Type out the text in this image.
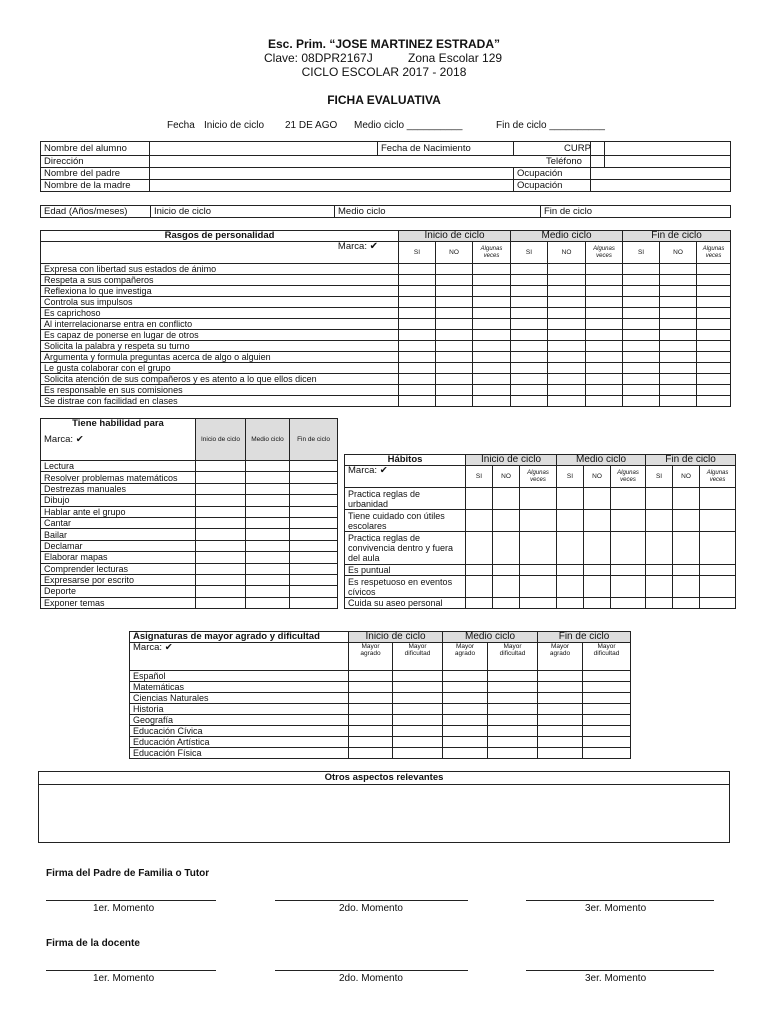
Esc. Prim. “JOSE MARTINEZ ESTRADA”
Clave: 08DPR2167J	Zona Escolar 129
CICLO ESCOLAR 2017 - 2018
FICHA EVALUATIVA
Fecha Inicio de ciclo 21 DE AGO Medio ciclo __________	Fin de ciclo __________
Nombre del alumno		Fecha de Nacimiento			CURP
Dirección					Teléfono
Nombre del padre			Ocupación		
Nombre de la madre			Ocupación		
Edad (Años/meses)	Inicio de ciclo	Medio ciclo	Fin de ciclo
Rasgos de personalidad	Inicio de ciclo			Medio ciclo			Fin de ciclo		
Marca: ✔	SI	NO	Algunas veces	SI	NO	Algunas veces	SI	NO	Algunas veces

Expresa con libertad sus estados de ánimo									
Respeta a sus compañeros									
Reflexiona lo que investiga									
Controla sus impulsos									
Es caprichoso									
Al interrelacionarse entra en conflicto									
Es capaz de ponerse en lugar de otros									
Solicita la palabra y respeta su turno									
Argumenta y formula preguntas acerca de algo o alguien									
Le gusta colaborar con el grupo									
Solicita atención de sus compañeros y es atento a lo que ellos dicen									
Es responsable en sus comisiones									
Se distrae con facilidad en clases									
Tiene habilidad para	Inicio de ciclo	Medio ciclo	Fin de ciclo

Marca: ✔			
Lectura			
Resolver problemas matemáticos			
Destrezas manuales			
Dibujo			
Hablar ante el grupo			
Cantar			
Bailar			
Declamar			
Elaborar mapas			
Comprender lecturas			
Expresarse por escrito			
Deporte			
Exponer temas			
Hábitos	Inicio de ciclo			Medio ciclo			Fin de ciclo		
Marca: ✔	SI	NO	Algunas veces	SI	NO	Algunas veces	SI	NO	Algunas veces

Practica reglas de urbanidad									
Tiene cuidado con útiles escolares									
Practica reglas de convivencia dentro y fuera del aula									
Es puntual									
Es respetuoso en eventos cívicos									
Cuida su aseo personal									
Asignaturas de mayor agrado y dificultad	Inicio de ciclo		Medio ciclo		Fin de ciclo	
Marca: ✔	Mayor agrado	Mayor dificultad	Mayor agrado	Mayor dificultad	Mayor agrado	Mayor dificultad

Español						
Matemáticas						
Ciencias Naturales						
Historia						
Geografía						
Educación Cívica						
Educación Artística						
Educación Física						
Otros aspectos relevantes

Firma del Padre de Familia o Tutor
1er. Momento	2do. Momento	3er. Momento
Firma de la docente
1er. Momento	2do. Momento	3er. Momento
